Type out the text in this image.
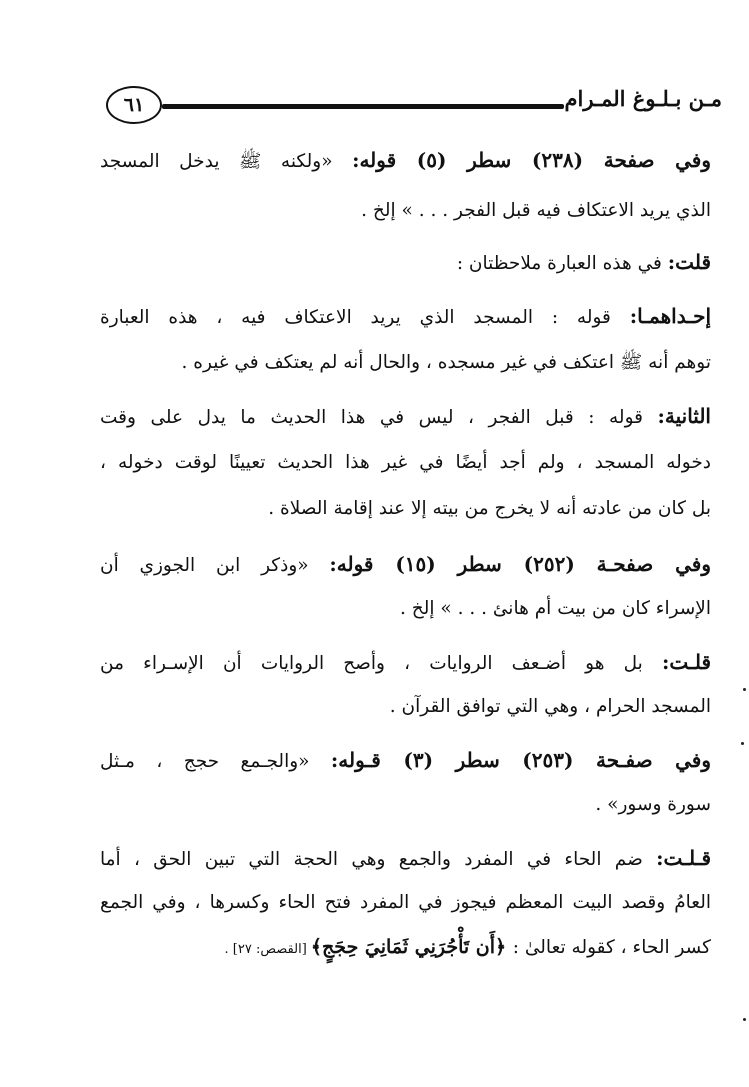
مـن بـلـوغ المـرام
٦١
وفي صفحة (٢٣٨) سطر (٥) قوله: «ولكنه ﷺ يدخل المسجد
الذي يريد الاعتكاف فيه قبل الفجر . . . » إلخ .
قلت: في هذه العبارة ملاحظتان :
إحـداهمـا: قوله : المسجد الذي يريد الاعتكاف فيه ، هذه العبارة
توهم أنه ﷺ اعتكف في غير مسجده ، والحال أنه لم يعتكف في غيره .
الثانية: قوله : قبل الفجر ، ليس في هذا الحديث ما يدل على وقت
دخوله المسجد ، ولم أجد أيضًا في غير هذا الحديث تعيينًا لوقت دخوله ،
بل كان من عادته أنه لا يخرج من بيته إلا عند إقامة الصلاة .
وفي صفحـة (٢٥٢) سطر (١٥) قوله: «وذكر ابن الجوزي أن
الإسراء كان من بيت أم هانئ . . . » إلخ .
قلـت: بل هو أضـعف الروايات ، وأصح الروايات أن الإسـراء من
المسجد الحرام ، وهي التي توافق القرآن .
وفي صفـحة (٢٥٣) سطر (٣) قـوله: «والجـمع حجج ، مـثل
سورة وسور» .
قـلـت: ضم الحاء في المفرد والجمع وهي الحجة التي تبين الحق ، أما
العامُ وقصد البيت المعظم فيجوز في المفرد فتح الحاء وكسرها ، وفي الجمع
كسر الحاء ، كقوله تعالىٰ : ﴿أَن تَأْجُرَنِي ثَمَانِيَ حِجَجٍ﴾ [القصص: ٢٧] .
